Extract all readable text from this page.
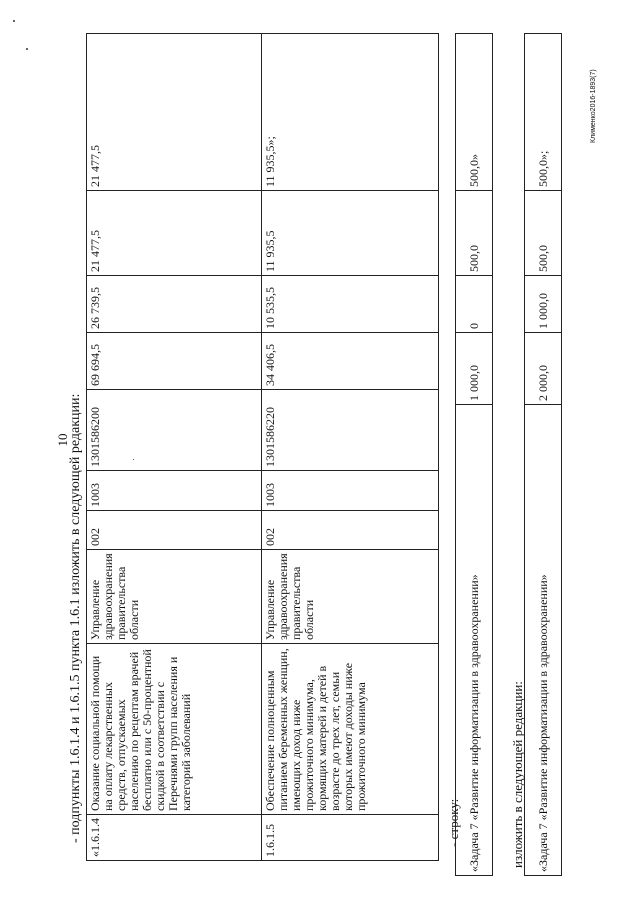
10
- подпункты 1.6.1.4 и 1.6.1.5 пункта 1.6.1 изложить в следующей редакции: «1.6.1.4	Оказание социальной помощи на оплату лекарственных средств, отпускаемых населению по рецептам врачей бесплатно или с 50-процентной скидкой в соответствии с Перечнями групп населения и категорий заболеваний	Управление здравоохранения правительства области	002	1003	1301586200	69 694,5	26 739,5	21 477,5	21 477,5
1.6.1.5	Обеспечение полноценным питанием беременных женщин, имеющих доход ниже прожиточного минимума, кормящих матерей и детей в возрасте до трех лет, семьи которых имеют доходы ниже прожиточного минимума	Управление здравоохранения правительства области	002	1003	1301586220	34 406,5	10 535,5	11 935,5	11 935,5»;
- строку: «Задача 7 «Развитие информатизации в здравоохранении»	1 000,0	0	500,0	500,0»
изложить в следующей редакции: «Задача 7 «Развитие информатизации в здравоохранении»	2 000,0	1 000,0	500,0	500,0»;
Клименко2016-1893(7)
